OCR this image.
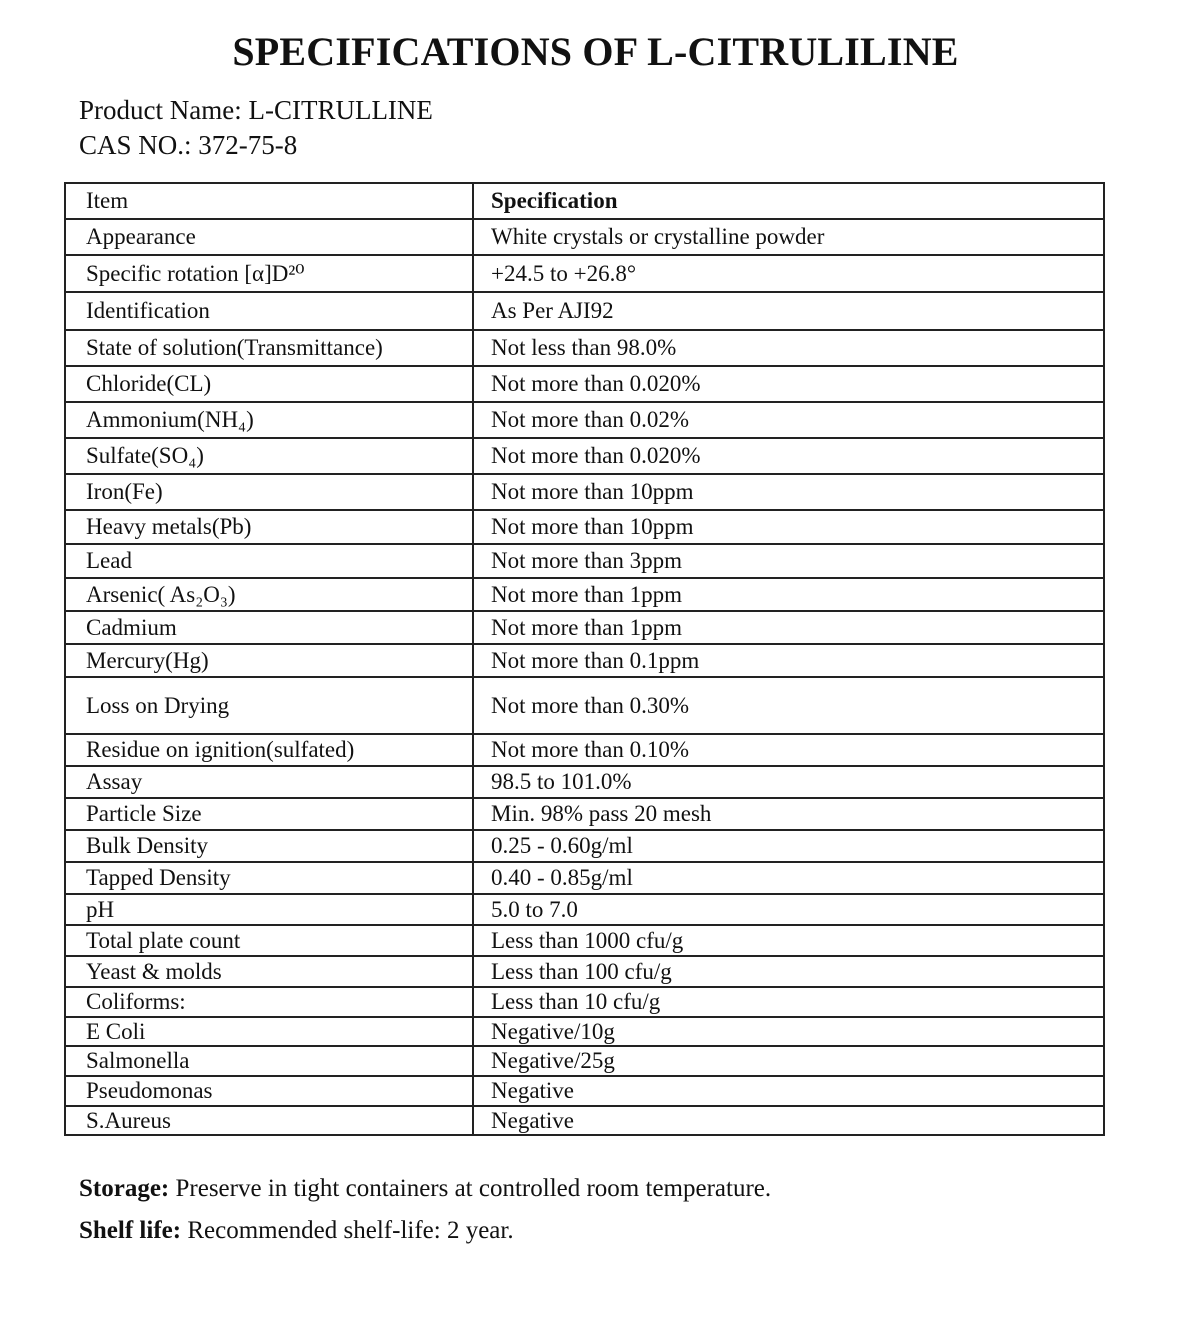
SPECIFICATIONS OF L-CITRULILINE
Product Name: L-CITRULLINE
CAS NO.: 372-75-8
Item	Specification
Appearance	White crystals or crystalline powder
Specific rotation [α]D²⁰	+24.5 to +26.8°
Identification	As Per AJI92
State of solution(Transmittance)	Not less than 98.0%
Chloride(CL)	Not more than 0.020%
Ammonium(NH₄)	Not more than 0.02%
Sulfate(SO₄)	Not more than 0.020%
Iron(Fe)	Not more than 10ppm
Heavy metals(Pb)	Not more than 10ppm
Lead	Not more than 3ppm
Arsenic( As₂O₃)	Not more than 1ppm
Cadmium	Not more than 1ppm
Mercury(Hg)	Not more than 0.1ppm
Loss on Drying	Not more than 0.30%
Residue on ignition(sulfated)	Not more than 0.10%
Assay	98.5 to 101.0%
Particle Size	Min. 98% pass 20 mesh
Bulk Density	0.25 - 0.60g/ml
Tapped Density	0.40 - 0.85g/ml
pH	5.0 to 7.0
Total plate count	Less than 1000 cfu/g
Yeast & molds	Less than 100 cfu/g
Coliforms:	Less than 10 cfu/g
E Coli	Negative/10g
Salmonella	Negative/25g
Pseudomonas	Negative
S.Aureus	Negative
Storage: Preserve in tight containers at controlled room temperature.
Shelf life: Recommended shelf-life: 2 year.
